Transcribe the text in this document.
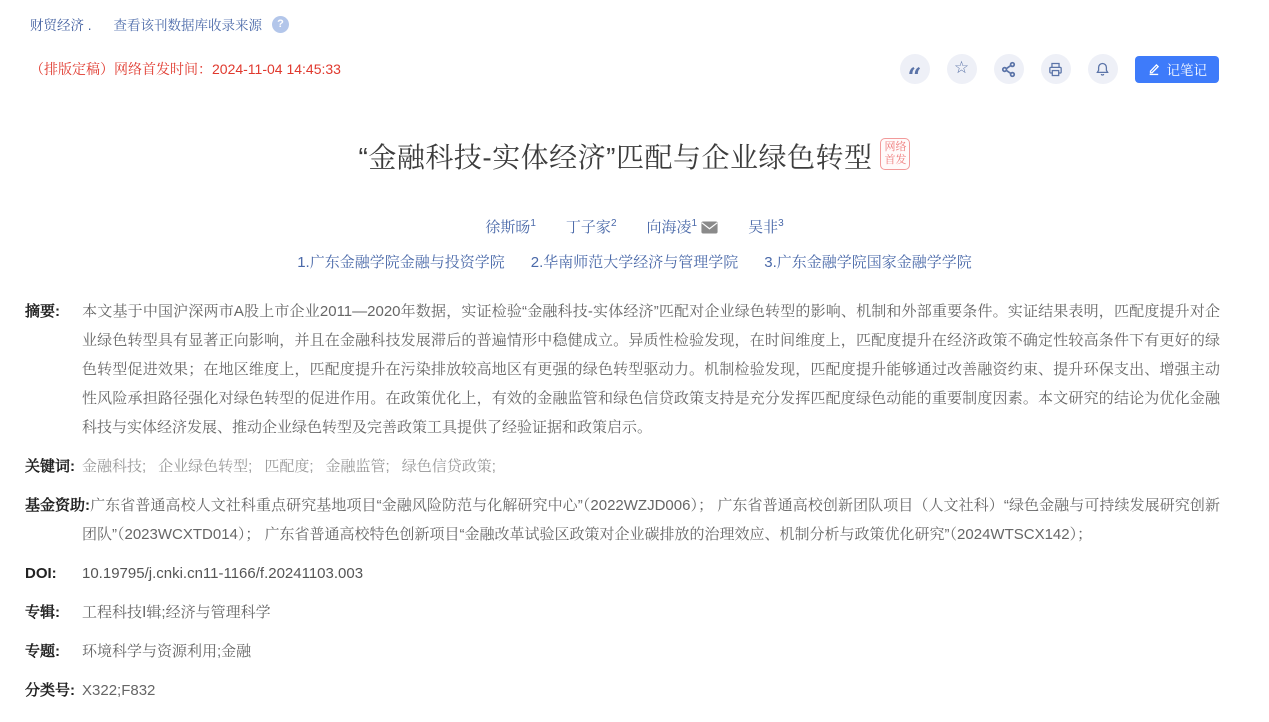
财贸经济 . 查看该刊数据库收录来源	?
（排版定稿）网络首发时间：2024-11-04 14:45:33	“ ☆	记笔记
“金融科技-实体经济”匹配与企业绿色转型	网络首发
徐斯旸$^1$ 丁子家$^2$ 向海凌$^1$	吴非$^3$
1.广东金融学院金融与投资学院 2.华南师范大学经济与管理学院 3.广东金融学院国家金融学学院
摘要: 本文基于中国沪深两市A股上市企业2011—2020年数据，实证检验“金融科技-实体经济”匹配对企业绿色转型的影响、机制和外部重要条件。实证结果表明，匹配度提升对企业绿色转型具有显著正向影响，并且在金融科技发展滞后的普遍情形中稳健成立。异质性检验发现，在时间维度上，匹配度提升在经济政策不确定性较高条件下有更好的绿色转型促进效果；在地区维度上，匹配度提升在污染排放较高地区有更强的绿色转型驱动力。机制检验发现，匹配度提升能够通过改善融资约束、提升环保支出、增强主动性风险承担路径强化对绿色转型的促进作用。在政策优化上，有效的金融监管和绿色信贷政策支持是充分发挥匹配度绿色动能的重要制度因素。本文研究的结论为优化金融科技与实体经济发展、推动企业绿色转型及完善政策工具提供了经验证据和政策启示。
关键词: 金融科技; 企业绿色转型; 匹配度; 金融监管; 绿色信贷政策;
基金资助:广东省普通高校人文社科重点研究基地项目“金融风险防范与化解研究中心”（2022WZJD006）； 广东省普通高校创新团队项目（人文社科）“绿色金融与可持续发展研究创新团队”（2023WCXTD014）； 广东省普通高校特色创新项目“金融改革试验区政策对企业碳排放的治理效应、机制分析与政策优化研究”（2024WTSCX142）；
DOI: 10.19795/j.cnki.cn11-1166/f.20241103.003
专辑: 工程科技Ⅰ辑;经济与管理科学
专题: 环境科学与资源利用;金融
分类号: X322;F832
